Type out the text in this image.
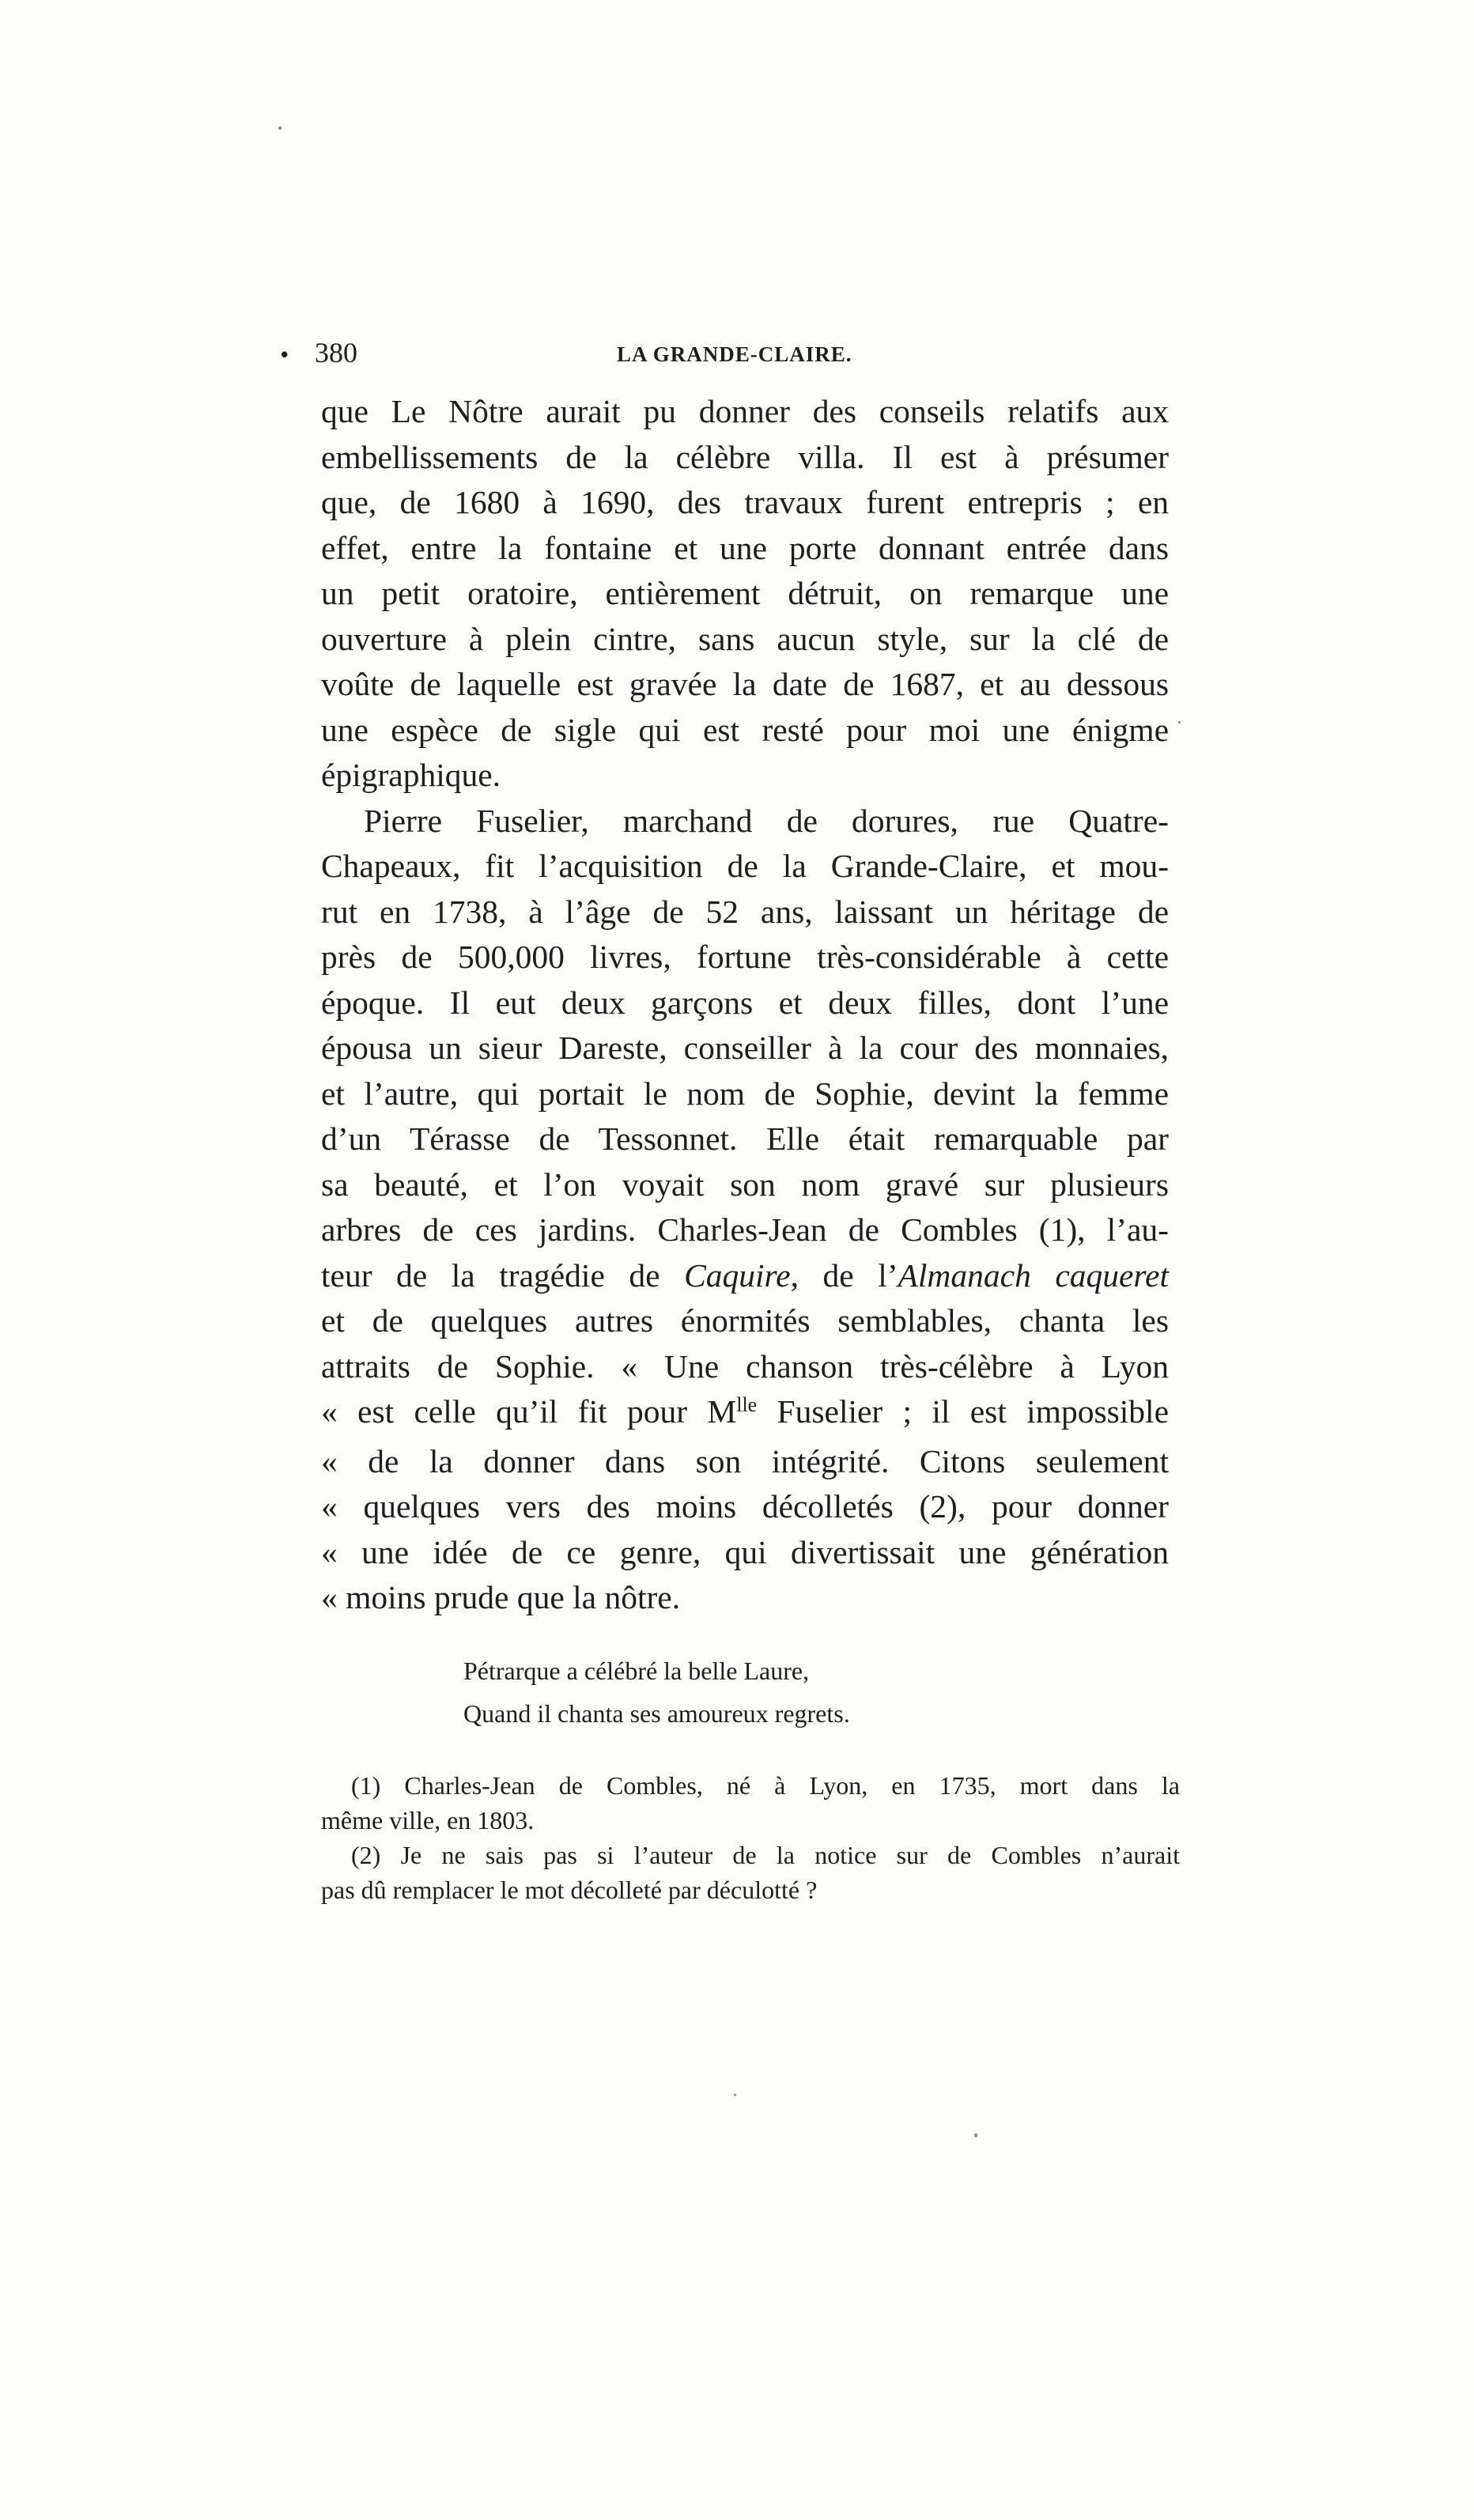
• 380	LA GRANDE-CLAIRE.

que Le Nôtre aurait pu donner des conseils relatifs aux

embellissements de la célèbre villa. Il est à présumer

que, de 1680 à 1690, des travaux furent entrepris ; en

effet, entre la fontaine et une porte donnant entrée dans

un petit oratoire, entièrement détruit, on remarque une

ouverture à plein cintre, sans aucun style, sur la clé de

voûte de laquelle est gravée la date de 1687, et au dessous

une espèce de sigle qui est resté pour moi une énigme

épigraphique.

Pierre Fuselier, marchand de dorures, rue Quatre-

Chapeaux, fit l’acquisition de la Grande-Claire, et mou-

rut en 1738, à l’âge de 52 ans, laissant un héritage de

près de 500,000 livres, fortune très-considérable à cette

époque. Il eut deux garçons et deux filles, dont l’une

épousa un sieur Dareste, conseiller à la cour des monnaies,

et l’autre, qui portait le nom de Sophie, devint la femme

d’un Térasse de Tessonnet. Elle était remarquable par

sa beauté, et l’on voyait son nom gravé sur plusieurs

arbres de ces jardins. Charles-Jean de Combles (1), l’au-

teur de la tragédie de Caquire, de l’Almanach caqueret

et de quelques autres énormités semblables, chanta les

attraits de Sophie. « Une chanson très-célèbre à Lyon

« est celle qu’il fit pour $M^{lle}$ Fuselier ; il est impossible

« de la donner dans son intégrité. Citons seulement

« quelques vers des moins décolletés (2), pour donner

« une idée de ce genre, qui divertissait une génération

« moins prude que la nôtre.

Pétrarque a célébré la belle Laure,
Quand il chanta ses amoureux regrets.

(1) Charles-Jean de Combles, né à Lyon, en 1735, mort dans la

même ville, en 1803.

(2) Je ne sais pas si l’auteur de la notice sur de Combles n’aurait

pas dû remplacer le mot décolleté par déculotté ?
